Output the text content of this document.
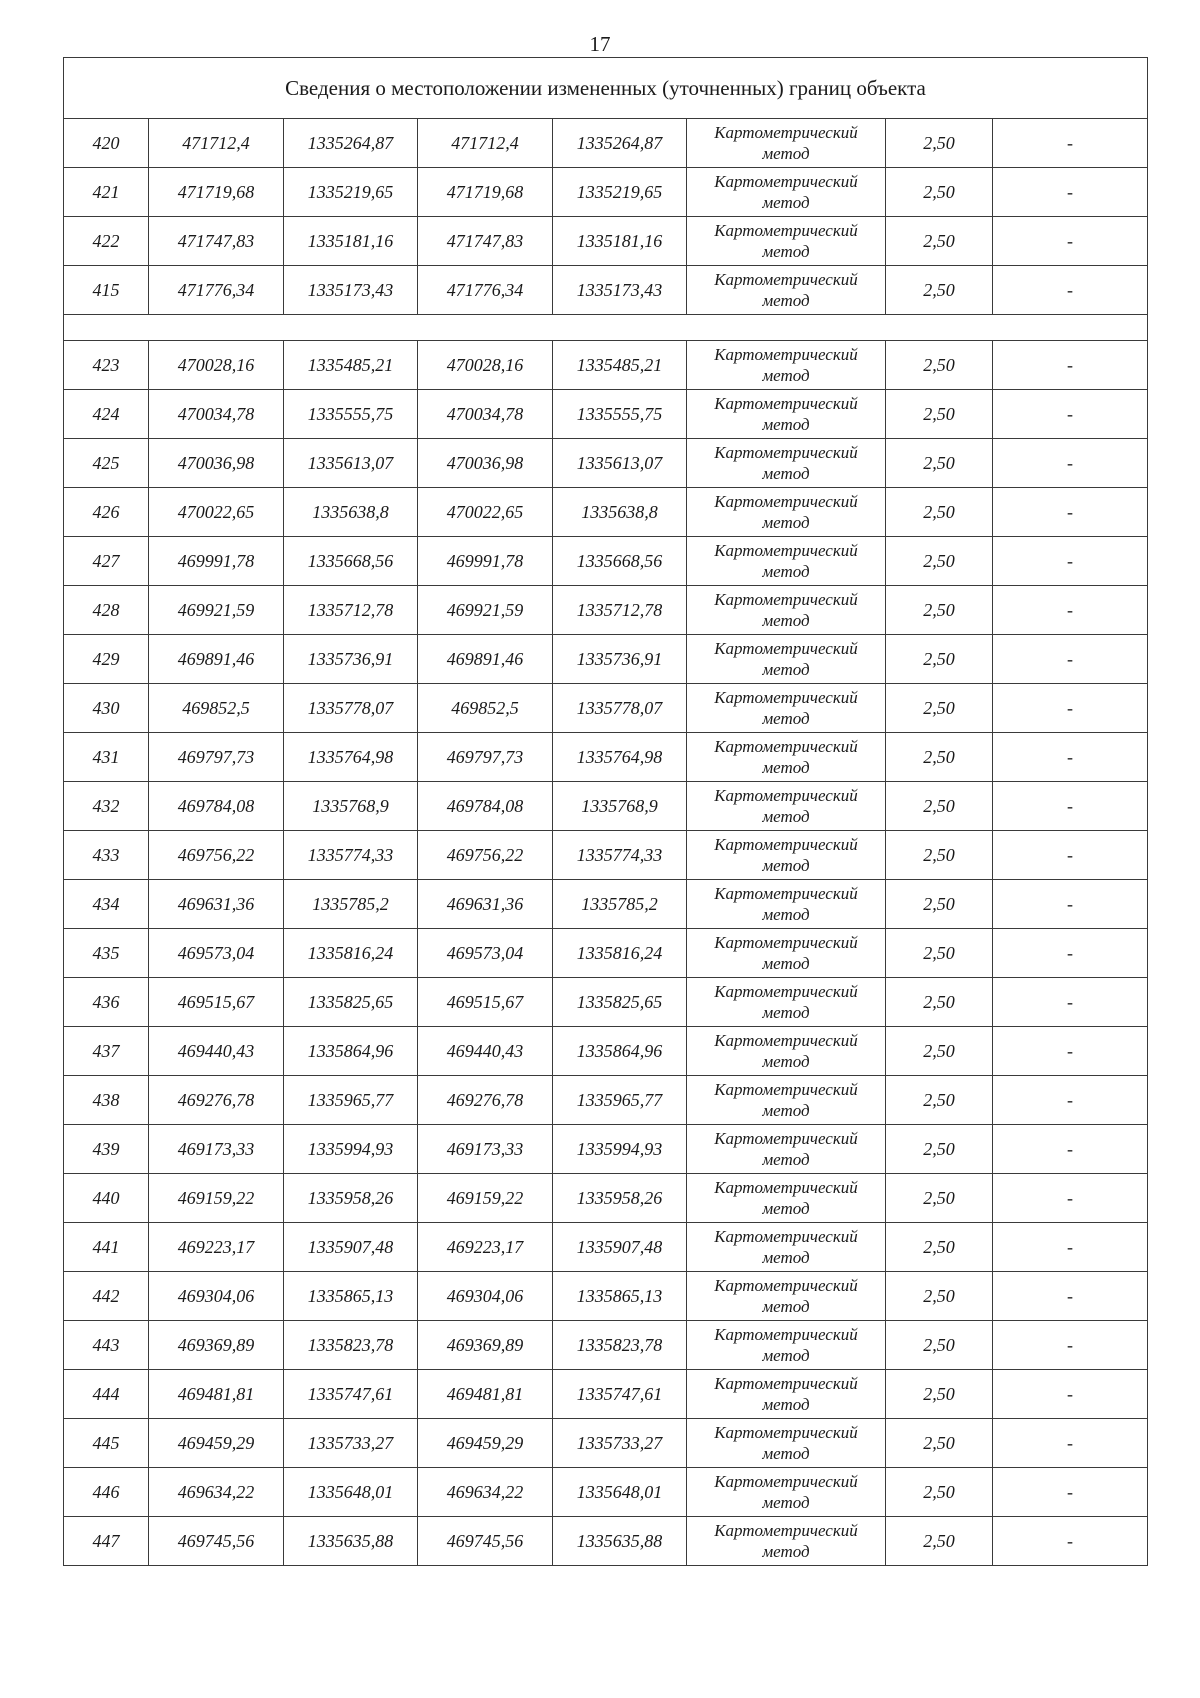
17
Сведения о местоположении измененных (уточненных) границ объекта							
420	471712,4	1335264,87	471712,4	1335264,87	Картометрический
метод	2,50	-
421	471719,68	1335219,65	471719,68	1335219,65	Картометрический
метод	2,50	-
422	471747,83	1335181,16	471747,83	1335181,16	Картометрический
метод	2,50	-
415	471776,34	1335173,43	471776,34	1335173,43	Картометрический
метод	2,50	-

423	470028,16	1335485,21	470028,16	1335485,21	Картометрический
метод	2,50	-
424	470034,78	1335555,75	470034,78	1335555,75	Картометрический
метод	2,50	-
425	470036,98	1335613,07	470036,98	1335613,07	Картометрический
метод	2,50	-
426	470022,65	1335638,8	470022,65	1335638,8	Картометрический
метод	2,50	-
427	469991,78	1335668,56	469991,78	1335668,56	Картометрический
метод	2,50	-
428	469921,59	1335712,78	469921,59	1335712,78	Картометрический
метод	2,50	-
429	469891,46	1335736,91	469891,46	1335736,91	Картометрический
метод	2,50	-
430	469852,5	1335778,07	469852,5	1335778,07	Картометрический
метод	2,50	-
431	469797,73	1335764,98	469797,73	1335764,98	Картометрический
метод	2,50	-
432	469784,08	1335768,9	469784,08	1335768,9	Картометрический
метод	2,50	-
433	469756,22	1335774,33	469756,22	1335774,33	Картометрический
метод	2,50	-
434	469631,36	1335785,2	469631,36	1335785,2	Картометрический
метод	2,50	-
435	469573,04	1335816,24	469573,04	1335816,24	Картометрический
метод	2,50	-
436	469515,67	1335825,65	469515,67	1335825,65	Картометрический
метод	2,50	-
437	469440,43	1335864,96	469440,43	1335864,96	Картометрический
метод	2,50	-
438	469276,78	1335965,77	469276,78	1335965,77	Картометрический
метод	2,50	-
439	469173,33	1335994,93	469173,33	1335994,93	Картометрический
метод	2,50	-
440	469159,22	1335958,26	469159,22	1335958,26	Картометрический
метод	2,50	-
441	469223,17	1335907,48	469223,17	1335907,48	Картометрический
метод	2,50	-
442	469304,06	1335865,13	469304,06	1335865,13	Картометрический
метод	2,50	-
443	469369,89	1335823,78	469369,89	1335823,78	Картометрический
метод	2,50	-
444	469481,81	1335747,61	469481,81	1335747,61	Картометрический
метод	2,50	-
445	469459,29	1335733,27	469459,29	1335733,27	Картометрический
метод	2,50	-
446	469634,22	1335648,01	469634,22	1335648,01	Картометрический
метод	2,50	-
447	469745,56	1335635,88	469745,56	1335635,88	Картометрический
метод	2,50	-
